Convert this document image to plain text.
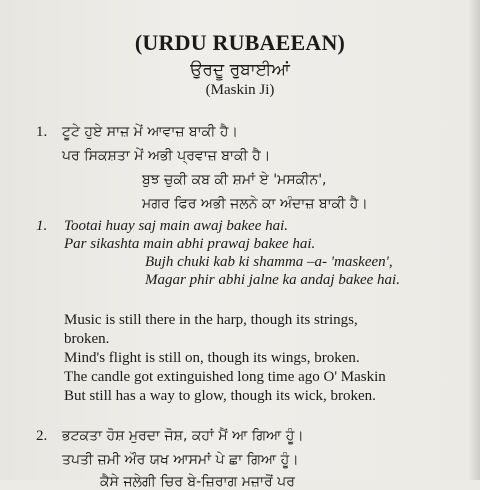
(URDU RUBAEEAN)
ਉਰਦੂ ਰੁਬਾਈਆਂ
(Maskin Ji)
1. ਟੂਟੇ ਹੁਏ ਸਾਜ਼ ਮੇਂ ਆਵਾਜ਼ ਬਾਕੀ ਹੈ।
ਪਰ ਸਿਕਸ਼ਤਾ ਮੇਂ ਅਭੀ ਪ੍ਰਵਾਜ਼ ਬਾਕੀ ਹੈ।
ਬੁਝ ਚੁਕੀ ਕਬ ਕੀ ਸ਼ਮਾਂ ਏ 'ਮਸਕੀਨ',
ਮਗਰ ਫਿਰ ਅਭੀ ਜਲਨੇ ਕਾ ਅੰਦਾਜ਼ ਬਾਕੀ ਹੈ।
1. Tootai huay saj main awaj bakee hai.
Par sikashta main abhi prawaj bakee hai.
Bujh chuki kab ki shamma –a- 'maskeen',
Magar phir abhi jalne ka andaj bakee hai.
Music is still there in the harp, though its strings,
broken.
Mind's flight is still on, though its wings, broken.
The candle got extinguished long time ago O' Maskin
But still has a way to glow, though its wick, broken.
2. ਭਟਕਤਾ ਹੋਸ਼ ਮੁਰਦਾ ਜੋਸ਼, ਕਹਾਂ ਮੈਂ ਆ ਗਿਆ ਹੂੰ।
ਤਪਤੀ ਜ਼ਮੀ ਔਰ ਯਖ ਆਸਮਾਂ ਪੇ ਛਾ ਗਿਆ ਹੂੰ।
ਕੈਸੇ ਜਲੇਗੀ ਚਿਰ ਬੇ-ਜ਼ਿਰਾਗ ਮਜ਼ਾਰੋਂ ਪਰ
